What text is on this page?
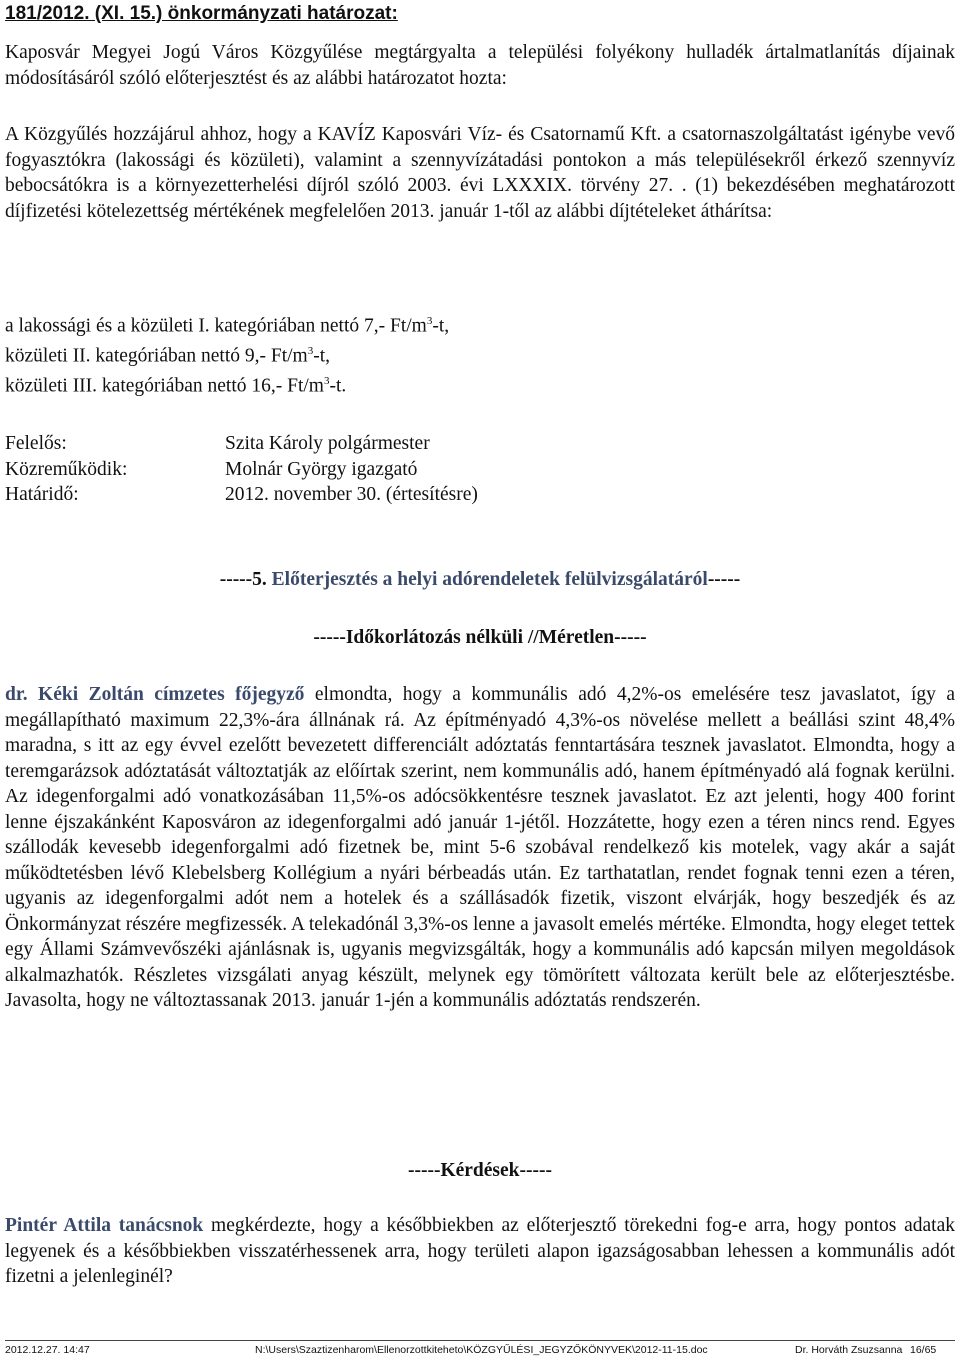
181/2012. (XI. 15.) önkormányzati határozat:
Kaposvár Megyei Jogú Város Közgyűlése megtárgyalta a települési folyékony hulladék ártalmatlanítás díjainak módosításáról szóló előterjesztést és az alábbi határozatot hozta:
A Közgyűlés hozzájárul ahhoz, hogy a KAVÍZ Kaposvári Víz- és Csatornamű Kft. a csatornaszolgáltatást igénybe vevő fogyasztókra (lakossági és közületi), valamint a szennyvízátadási pontokon a más településekről érkező szennyvíz bebocsátókra is a környezetterhelési díjról szóló 2003. évi LXXXIX. törvény 27. . (1) bekezdésében meghatározott díjfizetési kötelezettség mértékének megfelelően 2013. január 1-től az alábbi díjtételeket áthárítsa:
a lakossági és a közületi I. kategóriában nettó 7,- $Ft/m^3-t$,
közületi II. kategóriában nettó 9,- $Ft/m^3-t$,
közületi III. kategóriában nettó 16,- $Ft/m^3-t$.
Felelős:	Szita Károly polgármester
Közreműködik:	Molnár György igazgató
Határidő:	2012. november 30. (értesítésre)
-----5. Előterjesztés a helyi adórendeletek felülvizsgálatáról-----
-----Időkorlátozás nélküli //Méretlen-----
dr. Kéki Zoltán címzetes főjegyző elmondta, hogy a kommunális adó 4,2%-os emelésére tesz javaslatot, így a megállapítható maximum 22,3%-ára állnának rá. Az építményadó 4,3%-os növelése mellett a beállási szint 48,4% maradna, s itt az egy évvel ezelőtt bevezetett differenciált adóztatás fenntartására tesznek javaslatot. Elmondta, hogy a teremgarázsok adóztatását változtatják az előírtak szerint, nem kommunális adó, hanem építményadó alá fognak kerülni. Az idegenforgalmi adó vonatkozásában 11,5%-os adócsökkentésre tesznek javaslatot. Ez azt jelenti, hogy 400 forint lenne éjszakánként Kaposváron az idegenforgalmi adó január 1-jétől. Hozzátette, hogy ezen a téren nincs rend. Egyes szállodák kevesebb idegenforgalmi adó fizetnek be, mint 5-6 szobával rendelkező kis motelek, vagy akár a saját működtetésben lévő Klebelsberg Kollégium a nyári bérbeadás után. Ez tarthatatlan, rendet fognak tenni ezen a téren, ugyanis az idegenforgalmi adót nem a hotelek és a szállásadók fizetik, viszont elvárják, hogy beszedjék és az Önkormányzat részére megfizessék. A telekadónál 3,3%-os lenne a javasolt emelés mértéke. Elmondta, hogy eleget tettek egy Állami Számvevőszéki ajánlásnak is, ugyanis megvizsgálták, hogy a kommunális adó kapcsán milyen megoldások alkalmazhatók. Részletes vizsgálati anyag készült, melynek egy tömörített változata került bele az előterjesztésbe. Javasolta, hogy ne változtassanak 2013. január 1-jén a kommunális adóztatás rendszerén.
-----Kérdések-----
Pintér Attila tanácsnok megkérdezte, hogy a későbbiekben az előterjesztő törekedni fog-e arra, hogy pontos adatak legyenek és a későbbiekben visszatérhessenek arra, hogy területi alapon igazságosabban lehessen a kommunális adót fizetni a jelenleginél?
2012.12.27. 14:47	N:\Users\Szaztizenharom\Ellenorzottkiteheto\KÖZGYŰLÉSI_JEGYZŐKÖNYVEK\2012-11-15.doc	Dr. Horváth Zsuzsanna 16/65
